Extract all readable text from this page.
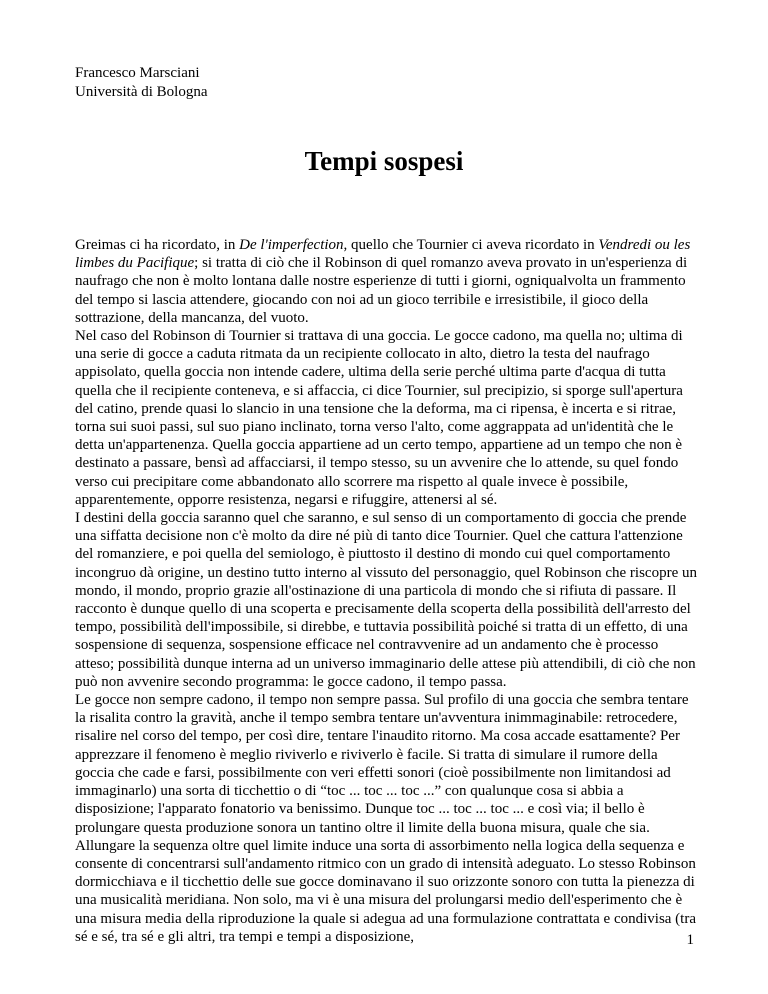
Francesco Marsciani
Università di Bologna
Tempi sospesi

Greimas ci ha ricordato, in De l'imperfection, quello che Tournier ci aveva ricordato in Vendredi ou les limbes du Pacifique; si tratta di ciò che il Robinson di quel romanzo aveva provato in un'esperienza di naufrago che non è molto lontana dalle nostre esperienze di tutti i giorni, ogniqualvolta un frammento del tempo si lascia attendere, giocando con noi ad un gioco terribile e irresistibile, il gioco della sottrazione, della mancanza, del vuoto.

Nel caso del Robinson di Tournier si trattava di una goccia. Le gocce cadono, ma quella no; ultima di una serie di gocce a caduta ritmata da un recipiente collocato in alto, dietro la testa del naufrago appisolato, quella goccia non intende cadere, ultima della serie perché ultima parte d'acqua di tutta quella che il recipiente conteneva, e si affaccia, ci dice Tournier, sul precipizio, si sporge sull'apertura del catino, prende quasi lo slancio in una tensione che la deforma, ma ci ripensa, è incerta e si ritrae, torna sui suoi passi, sul suo piano inclinato, torna verso l'alto, come aggrappata ad un'identità che le detta un'appartenenza. Quella goccia appartiene ad un certo tempo, appartiene ad un tempo che non è destinato a passare, bensì ad affacciarsi, il tempo stesso, su un avvenire che lo attende, su quel fondo verso cui precipitare come abbandonato allo scorrere ma rispetto al quale invece è possibile, apparentemente, opporre resistenza, negarsi e rifuggire, attenersi al sé.

I destini della goccia saranno quel che saranno, e sul senso di un comportamento di goccia che prende una siffatta decisione non c'è molto da dire né più di tanto dice Tournier. Quel che cattura l'attenzione del romanziere, e poi quella del semiologo, è piuttosto il destino di mondo cui quel comportamento incongruo dà origine, un destino tutto interno al vissuto del personaggio, quel Robinson che riscopre un mondo, il mondo, proprio grazie all'ostinazione di una particola di mondo che si rifiuta di passare. Il racconto è dunque quello di una scoperta e precisamente della scoperta della possibilità dell'arresto del tempo, possibilità dell'impossibile, si direbbe, e tuttavia possibilità poiché si tratta di un effetto, di una sospensione di sequenza, sospensione efficace nel contravvenire ad un andamento che è processo atteso; possibilità dunque interna ad un universo immaginario delle attese più attendibili, di ciò che non può non avvenire secondo programma: le gocce cadono, il tempo passa.

Le gocce non sempre cadono, il tempo non sempre passa. Sul profilo di una goccia che sembra tentare la risalita contro la gravità, anche il tempo sembra tentare un'avventura inimmaginabile: retrocedere, risalire nel corso del tempo, per così dire, tentare l'inaudito ritorno. Ma cosa accade esattamente? Per apprezzare il fenomeno è meglio riviverlo e riviverlo è facile. Si tratta di simulare il rumore della goccia che cade e farsi, possibilmente con veri effetti sonori (cioè possibilmente non limitandosi ad immaginarlo) una sorta di ticchettio o di “toc ... toc ... toc ...” con qualunque cosa si abbia a disposizione; l'apparato fonatorio va benissimo. Dunque toc ... toc ... toc ... e così via; il bello è prolungare questa produzione sonora un tantino oltre il limite della buona misura, quale che sia. Allungare la sequenza oltre quel limite induce una sorta di assorbimento nella logica della sequenza e consente di concentrarsi sull'andamento ritmico con un grado di intensità adeguato. Lo stesso Robinson dormicchiava e il ticchettio delle sue gocce dominavano il suo orizzonte sonoro con tutta la pienezza di una musicalità meridiana. Non solo, ma vi è una misura del prolungarsi medio dell'esperimento che è una misura media della riproduzione la quale si adegua ad una formulazione contrattata e condivisa (tra sé e sé, tra sé e gli altri, tra tempi e tempi a disposizione,	1
